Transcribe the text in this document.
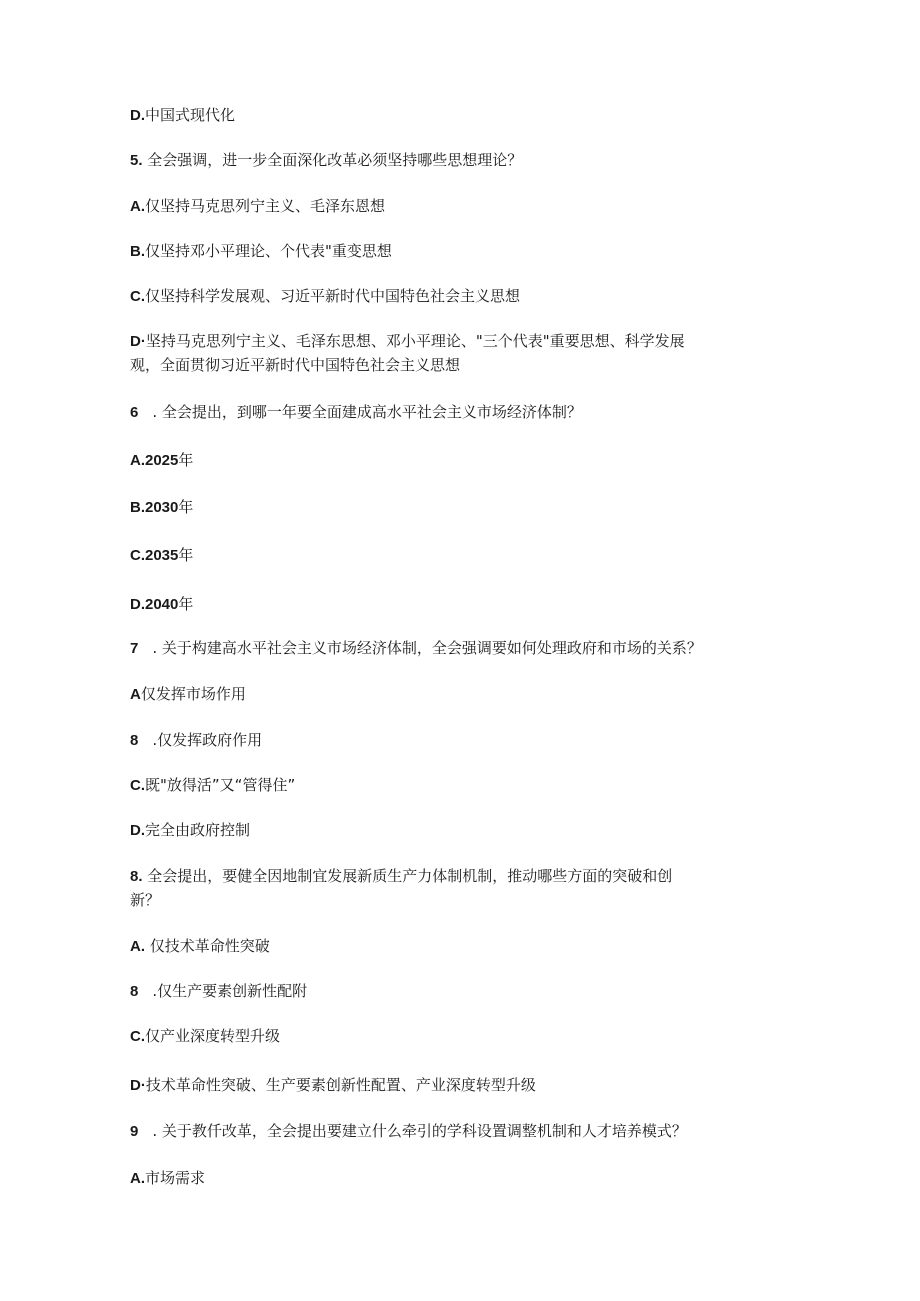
D.中国式现代化

5. 全会强调，进一步全面深化改革必须坚持哪些思想理论？

A.仅坚持马克思列宁主义、毛泽东恩想

B.仅坚持邓小平理论、个代表"重变思想

C.仅坚持科学发展观、习近平新时代中国特色社会主义思想

D·坚持马克思列宁主义、毛泽东思想、邓小平理论、"三个代表"重要思想、科学发展

观，全面贯彻习近平新时代中国特色社会主义思想

6 . 全会提出，到哪一年要全面建成高水平社会主义市场经济体制？

A.2025年

B.2030年

C.2035年

D.2040年

7 . 关于构建高水平社会主义市场经济体制，全会强调要如何处理政府和市场的关系？

A仅发挥市场作用

8 .仅发挥政府作用

C.既"放得活”又“管得住”

D.完全由政府控制

8. 全会提出，要健全因地制宜发展新质生产力体制机制，推动哪些方面的突破和创

新？

A. 仅技术革命性突破

8 .仅生产要素创新性配附

C.仅产业深度转型升级

D·技术革命性突破、生产要素创新性配置、产业深度转型升级

9 . 关于教仟改革，全会提出要建立什么牵引的学科设置调整机制和人才培养模式？

A.市场需求
